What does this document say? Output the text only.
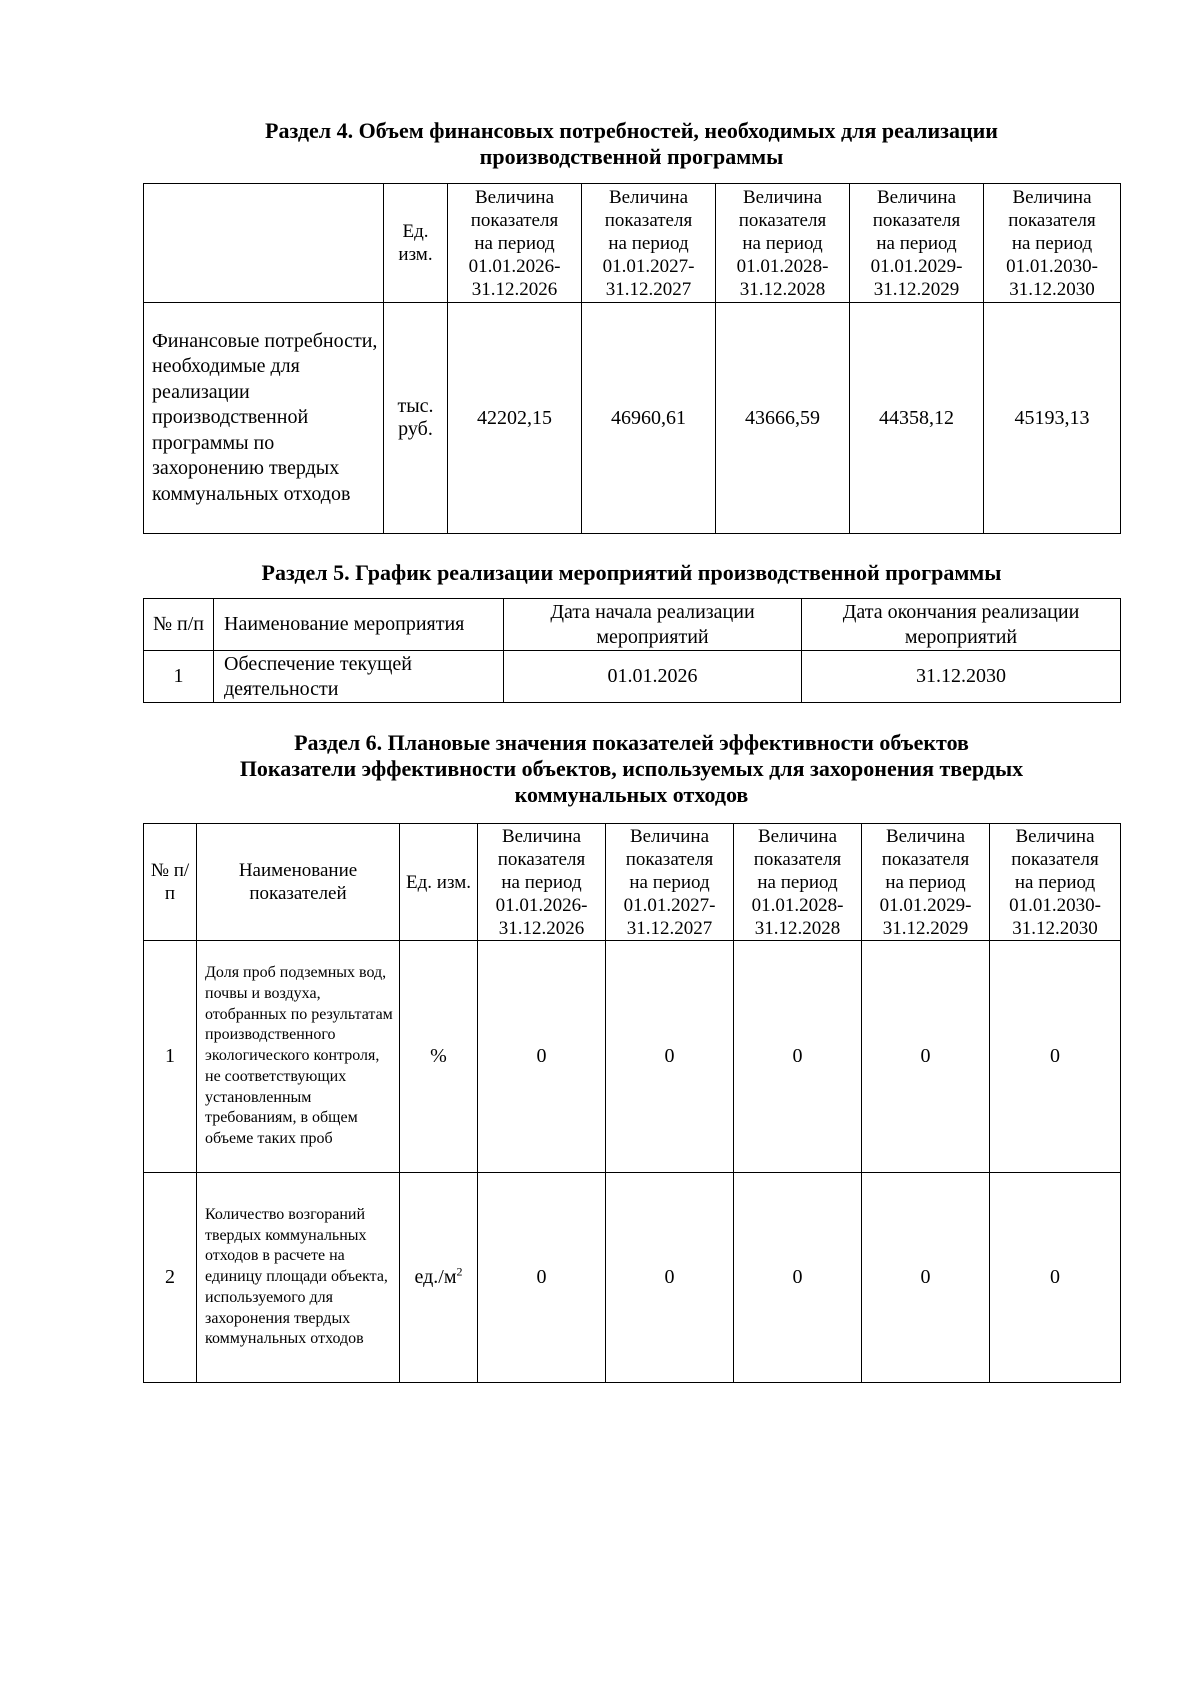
Раздел 4. Объем финансовых потребностей, необходимых для реализации
производственной программы
	Ед. изм.	Величина
показателя
на период
01.01.2026-
31.12.2026	Величина
показателя
на период
01.01.2027-
31.12.2027	Величина
показателя
на период
01.01.2028-
31.12.2028	Величина
показателя
на период
01.01.2029-
31.12.2029	Величина
показателя
на период
01.01.2030-
31.12.2030

Финансовые потребности, необходимые для реализации производственной программы по захоронению твердых коммунальных отходов	тыс. руб.	42202,15	46960,61	43666,59	44358,12	45193,13
Раздел 5. График реализации мероприятий производственной программы
№ п/п	Наименование мероприятия	Дата начала реализации мероприятий	Дата окончания реализации мероприятий
1	Обеспечение текущей деятельности	01.01.2026	31.12.2030
Раздел 6. Плановые значения показателей эффективности объектов
Показатели эффективности объектов, используемых для захоронения твердых
коммунальных отходов
№ п/п	Наименование показателей	Ед. изм.	Величина
показателя
на период
01.01.2026-
31.12.2026	Величина
показателя
на период
01.01.2027-
31.12.2027	Величина
показателя
на период
01.01.2028-
31.12.2028	Величина
показателя
на период
01.01.2029-
31.12.2029	Величина
показателя
на период
01.01.2030-
31.12.2030

1	Доля проб подземных вод, почвы и воздуха, отобранных по результатам производственного экологического контроля, не соответствующих установленным требованиям, в общем объеме таких проб	%	0	0	0	0	0
2	Количество возгораний твердых коммунальных отходов в расчете на единицу площади объекта, используемого для захоронения твердых коммунальных отходов	$ед./м^2$	0	0	0	0	0
